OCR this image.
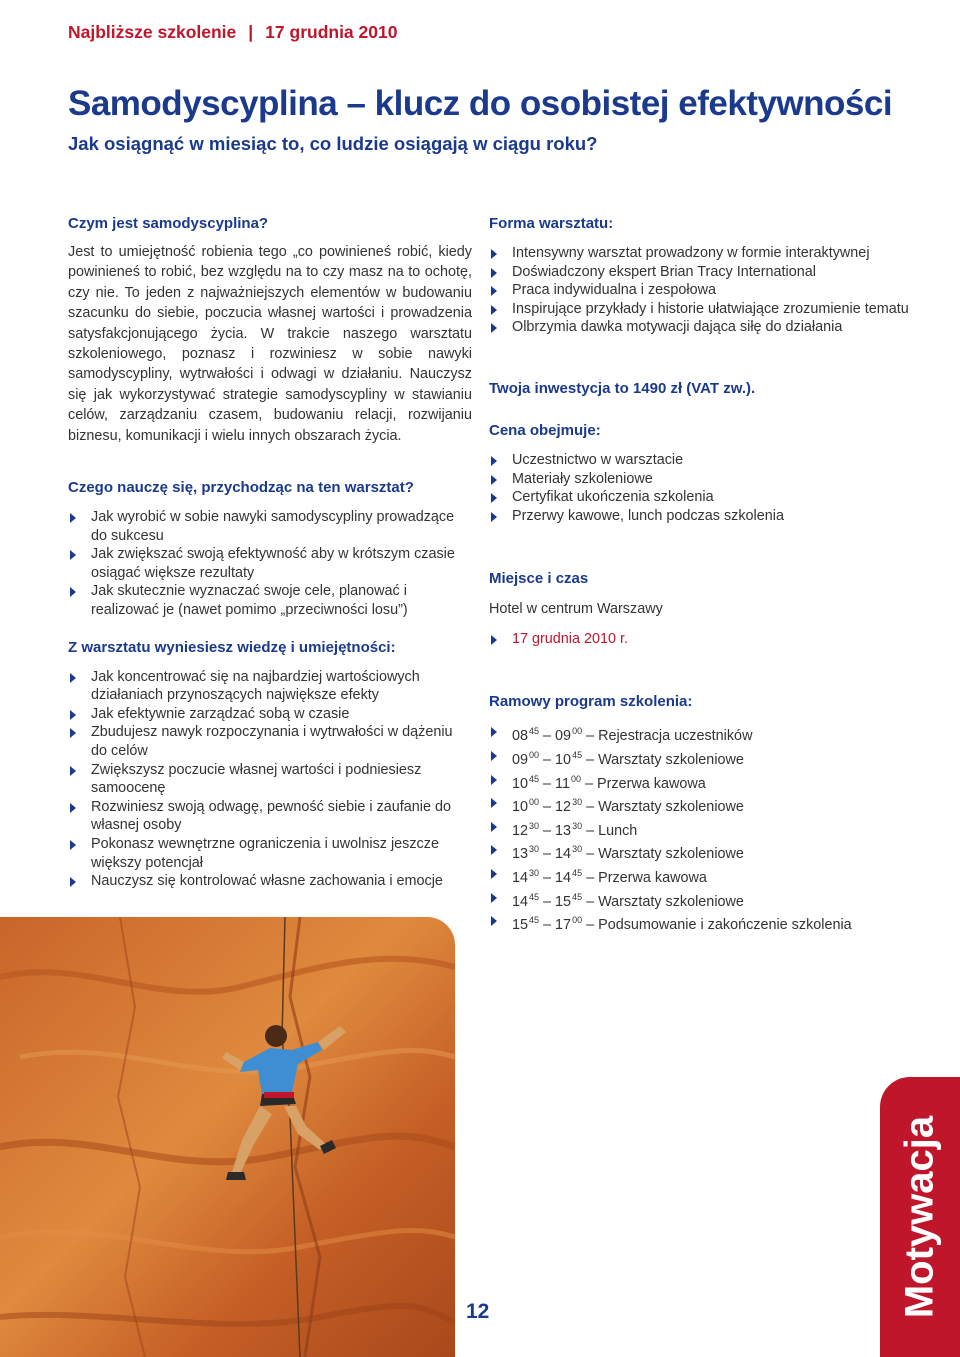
Najbliższe szkolenie | 17 grudnia 2010
Samodyscyplina – klucz do osobistej efektywności
Jak osiągnąć w miesiąc to, co ludzie osiągają w ciągu roku?
Czym jest samodyscyplina?

Jest to umiejętność robienia tego „co powinieneś robić, kiedy powinieneś to robić, bez względu na to czy masz na to ochotę, czy nie. To jeden z najważniejszych elementów w budowaniu szacunku do siebie, poczucia własnej wartości i prowadzenia satysfakcjonującego życia. W trakcie naszego warsztatu szkoleniowego, poznasz i rozwiniesz w sobie nawyki samodyscypliny, wytrwałości i odwagi w działaniu. Nauczysz się jak wykorzystywać strategie samodyscypliny w stawianiu celów, zarządzaniu czasem, budowaniu relacji, rozwijaniu biznesu, komunikacji i wielu innych obszarach życia.

Czego nauczę się, przychodząc na ten warsztat?
Jak wyrobić w sobie nawyki samodyscypliny prowadzące do sukcesu
Jak zwiększać swoją efektywność aby w krótszym czasie osiągać większe rezultaty
Jak skutecznie wyznaczać swoje cele, planować i realizować je (nawet pomimo „przeciwności losu”)
Z warsztatu wyniesiesz wiedzę i umiejętności:
Jak koncentrować się na najbardziej wartościowych działaniach przynoszących największe efekty
Jak efektywnie zarządzać sobą w czasie
Zbudujesz nawyk rozpoczynania i wytrwałości w dążeniu do celów
Zwiększysz poczucie własnej wartości i podniesiesz samoocenę
Rozwiniesz swoją odwagę, pewność siebie i zaufanie do własnej osoby
Pokonasz wewnętrzne ograniczenia i uwolnisz jeszcze większy potencjał
Nauczysz się kontrolować własne zachowania i emocje
Forma warsztatu:
Intensywny warsztat prowadzony w formie interaktywnej
Doświadczony ekspert Brian Tracy International
Praca indywidualna i zespołowa
Inspirujące przykłady i historie ułatwiające zrozumienie tematu
Olbrzymia dawka motywacji dająca siłę do działania
Twoja inwestycja to 1490 zł (VAT zw.).
Cena obejmuje:
Uczestnictwo w warsztacie
Materiały szkoleniowe
Certyfikat ukończenia szkolenia
Przerwy kawowe, lunch podczas szkolenia
Miejsce i czas

Hotel w centrum Warszawy

17 grudnia 2010 r.
Ramowy program szkolenia:
$08^{45} - 09^{00}$ – Rejestracja uczestników
$09^{00} - 10^{45}$ – Warsztaty szkoleniowe
$10^{45} - 11^{00}$ – Przerwa kawowa
$10^{00} - 12^{30}$ – Warsztaty szkoleniowe
$12^{30} - 13^{30}$ – Lunch
$13^{30} - 14^{30}$ – Warsztaty szkoleniowe
$14^{30} - 14^{45}$ – Przerwa kawowa
$14^{45} - 15^{45}$ – Warsztaty szkoleniowe
$15^{45} - 17^{00}$ – Podsumowanie i zakończenie szkolenia
12	Motywacja
